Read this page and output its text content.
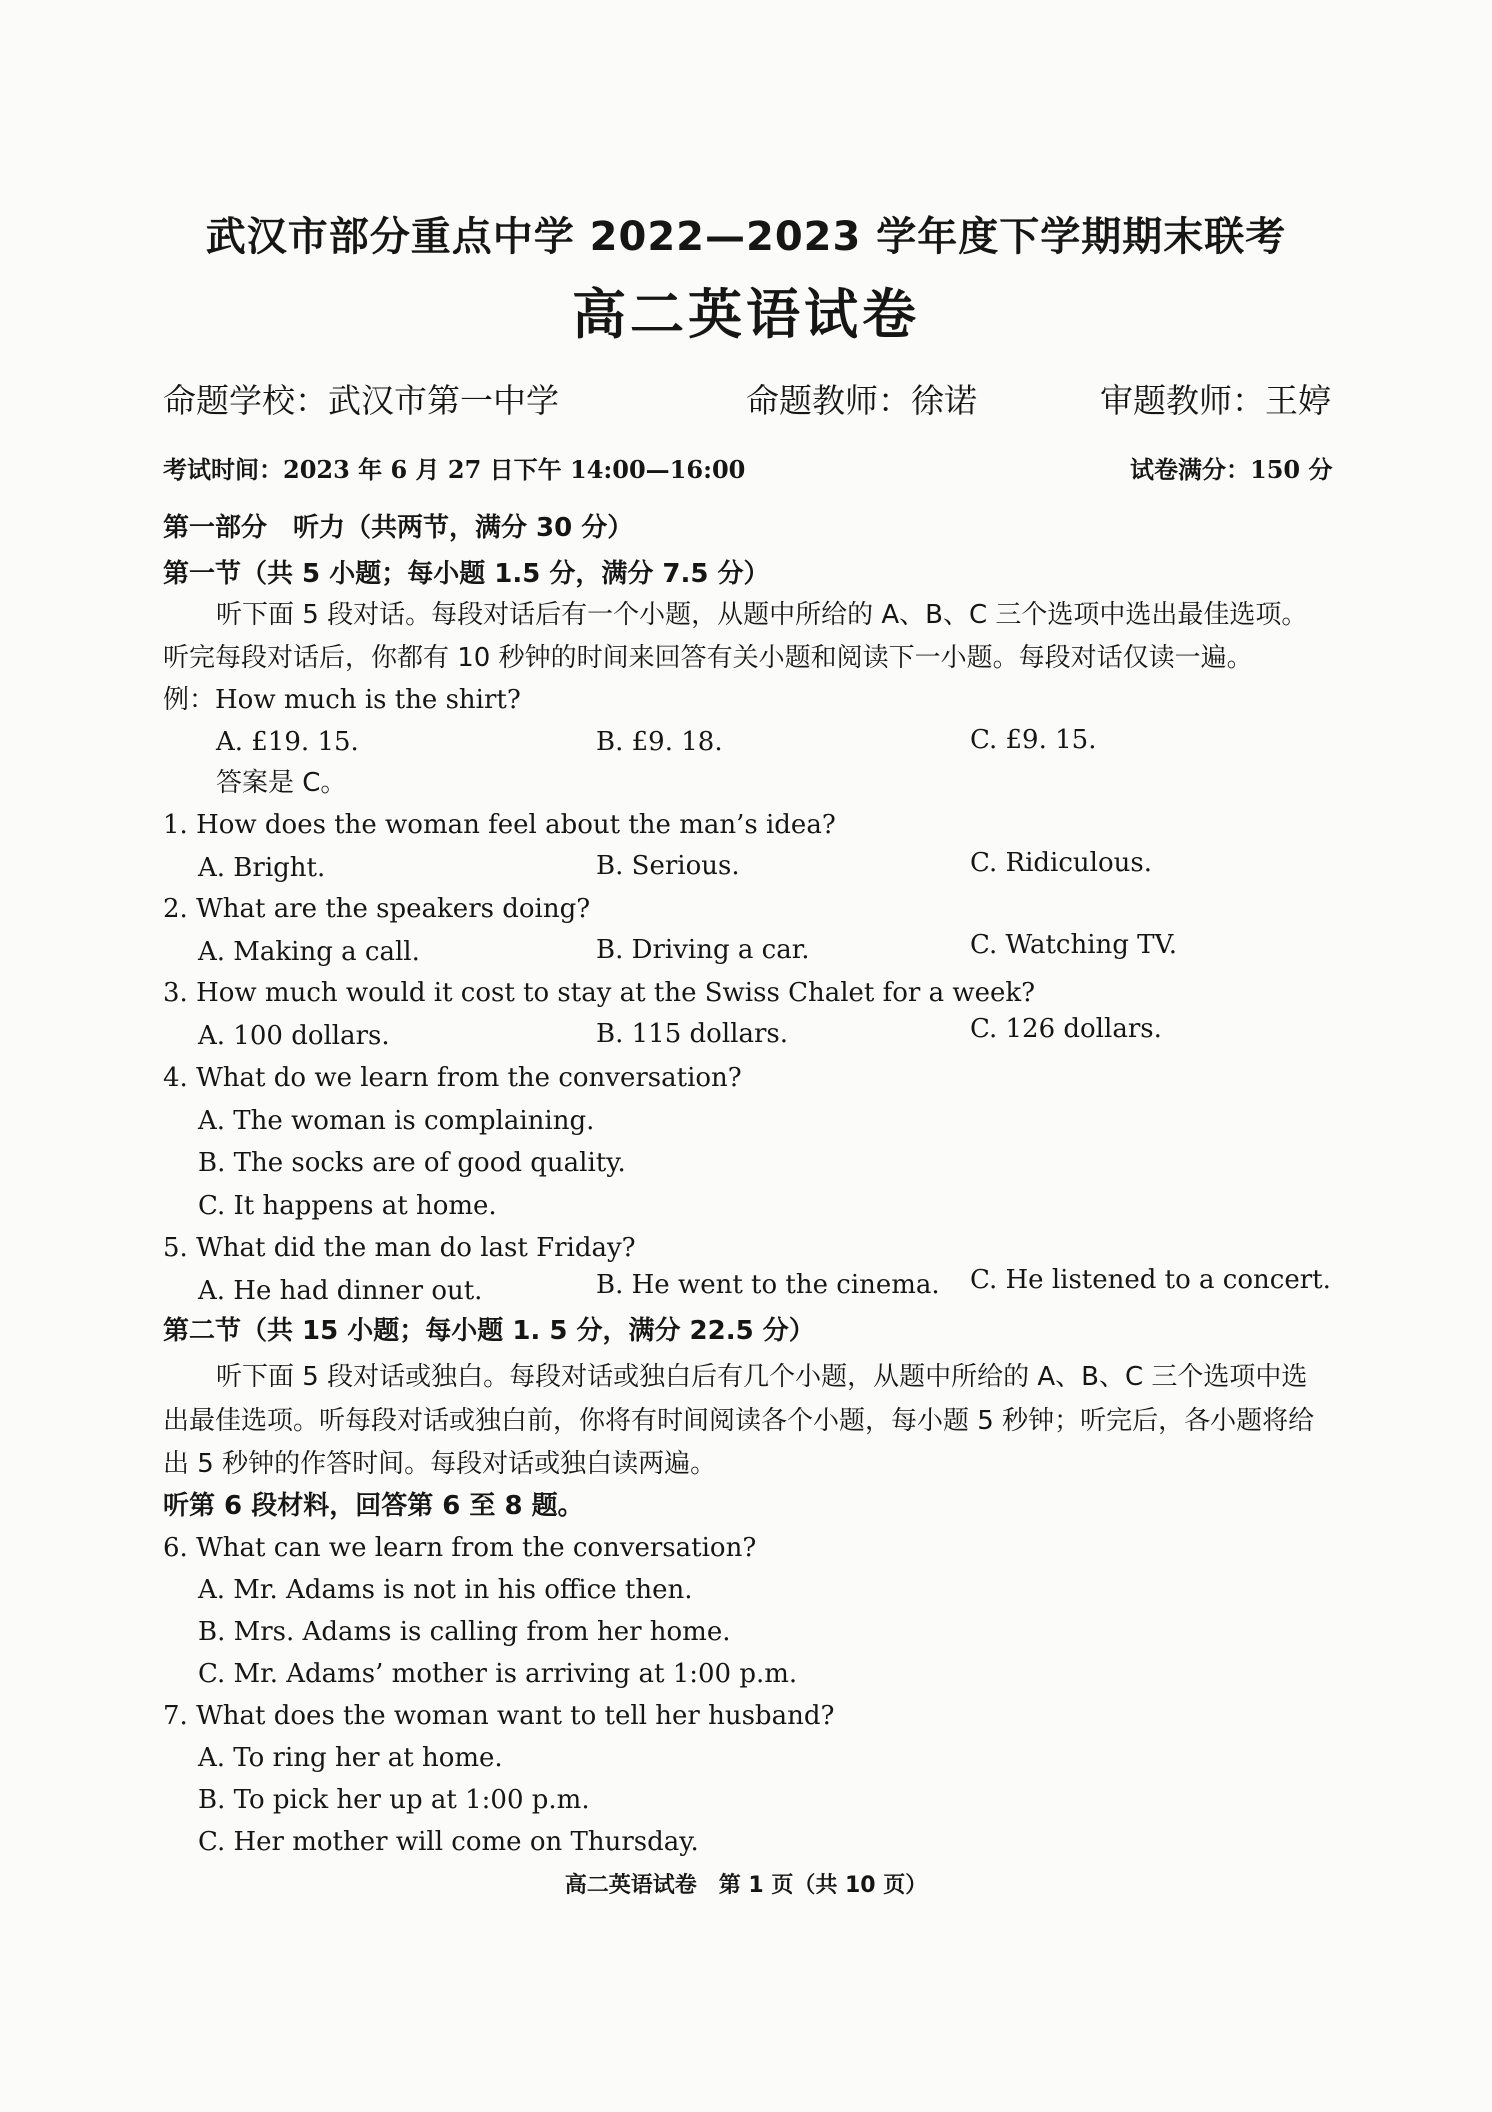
武汉市部分重点中学 2022—2023 学年度下学期期末联考
高二英语试卷
命题学校：武汉市第一中学	命题教师：徐诺	审题教师：王婷
考试时间：2023 年 6 月 27 日下午 14:00—16:00	试卷满分：150 分
第一部分　听力（共两节，满分 30 分）
第一节（共 5 小题；每小题 1.5 分，满分 7.5 分）
听下面 5 段对话。每段对话后有一个小题，从题中所给的 A、B、C 三个选项中选出最佳选项。
听完每段对话后，你都有 10 秒钟的时间来回答有关小题和阅读下一小题。每段对话仅读一遍。
例：How much is the shirt?
A. £19. 15.	B. £9. 18.	C. £9. 15.
答案是 C。
1. How does the woman feel about the man’s idea?
A. Bright.	B. Serious.	C. Ridiculous.
2. What are the speakers doing?
A. Making a call.	B. Driving a car.	C. Watching TV.
3. How much would it cost to stay at the Swiss Chalet for a week?
A. 100 dollars.	B. 115 dollars.	C. 126 dollars.
4. What do we learn from the conversation?
A. The woman is complaining.
B. The socks are of good quality.
C. It happens at home.
5. What did the man do last Friday?
A. He had dinner out.	B. He went to the cinema. C. He listened to a concert.
第二节（共 15 小题；每小题 1. 5 分，满分 22.5 分）
听下面 5 段对话或独白。每段对话或独白后有几个小题，从题中所给的 A、B、C 三个选项中选
出最佳选项。听每段对话或独白前，你将有时间阅读各个小题，每小题 5 秒钟；听完后，各小题将给
出 5 秒钟的作答时间。每段对话或独白读两遍。
听第 6 段材料，回答第 6 至 8 题。
6. What can we learn from the conversation?
A. Mr. Adams is not in his office then.
B. Mrs. Adams is calling from her home.
C. Mr. Adams’ mother is arriving at 1:00 p.m.
7. What does the woman want to tell her husband?
A. To ring her at home.
B. To pick her up at 1:00 p.m.
C. Her mother will come on Thursday.
高二英语试卷　第 1 页（共 10 页）
